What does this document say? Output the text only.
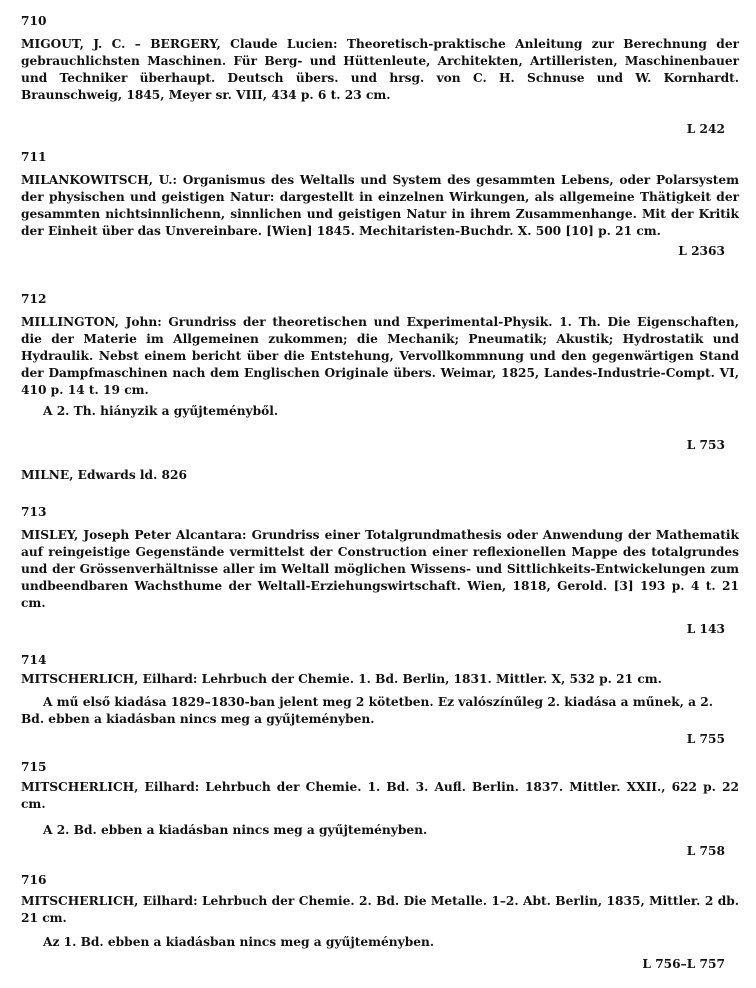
710
MIGOUT, J. C. – BERGERY, Claude Lucien: Theoretisch-praktische Anleitung zur Berechnung der gebrauchlichsten Maschinen. Für Berg- und Hüttenleute, Architekten, Artilleristen, Maschinenbauer und Techniker überhaupt. Deutsch übers. und hrsg. von C. H. Schnuse und W. Kornhardt. Braunschweig, 1845, Meyer sr. VIII, 434 p. 6 t. 23 cm.
L 242
711
MILANKOWITSCH, U.: Organismus des Weltalls und System des gesammten Lebens, oder Polarsystem der physischen und geistigen Natur: dargestellt in einzelnen Wirkungen, als allgemeine Thätigkeit der gesammten nichtsinnlichenn, sinnlichen und geistigen Natur in ihrem Zusammenhange. Mit der Kritik der Einheit über das Unvereinbare. [Wien] 1845. Mechitaristen-Buchdr. X. 500 [10] p. 21 cm.
L 2363
712
MILLINGTON, John: Grundriss der theoretischen und Experimental-Physik. 1. Th. Die Eigenschaften, die der Materie im Allgemeinen zukommen; die Mechanik; Pneumatik; Akustik; Hydrostatik und Hydraulik. Nebst einem bericht über die Entstehung, Vervollkommnung und den gegenwärtigen Stand der Dampfmaschinen nach dem Englischen Originale übers. Weimar, 1825, Landes-Industrie-Compt. VI, 410 p. 14 t. 19 cm.
A 2. Th. hiányzik a gyűjteményből.
L 753
MILNE, Edwards ld. 826
713
MISLEY, Joseph Peter Alcantara: Grundriss einer Totalgrundmathesis oder Anwendung der Mathematik auf reingeistige Gegenstände vermittelst der Construction einer reflexionellen Mappe des totalgrundes und der Grössenverhältnisse aller im Weltall möglichen Wissens- und Sittlichkeits-Entwickelungen zum undbeendbaren Wachsthume der Weltall-Erziehungswirtschaft. Wien, 1818, Gerold. [3] 193 p. 4 t. 21 cm.
L 143
714
MITSCHERLICH, Eilhard: Lehrbuch der Chemie. 1. Bd. Berlin, 1831. Mittler. X, 532 p. 21 cm.
A mű első kiadása 1829–1830-ban jelent meg 2 kötetben. Ez valószínűleg 2. kiadása a műnek, a 2. Bd. ebben a kiadásban nincs meg a gyűjteményben.
L 755
715
MITSCHERLICH, Eilhard: Lehrbuch der Chemie. 1. Bd. 3. Aufl. Berlin. 1837. Mittler. XXII., 622 p. 22 cm.
A 2. Bd. ebben a kiadásban nincs meg a gyűjteményben.
L 758
716
MITSCHERLICH, Eilhard: Lehrbuch der Chemie. 2. Bd. Die Metalle. 1–2. Abt. Berlin, 1835, Mittler. 2 db. 21 cm.
Az 1. Bd. ebben a kiadásban nincs meg a gyűjteményben.
L 756–L 757
